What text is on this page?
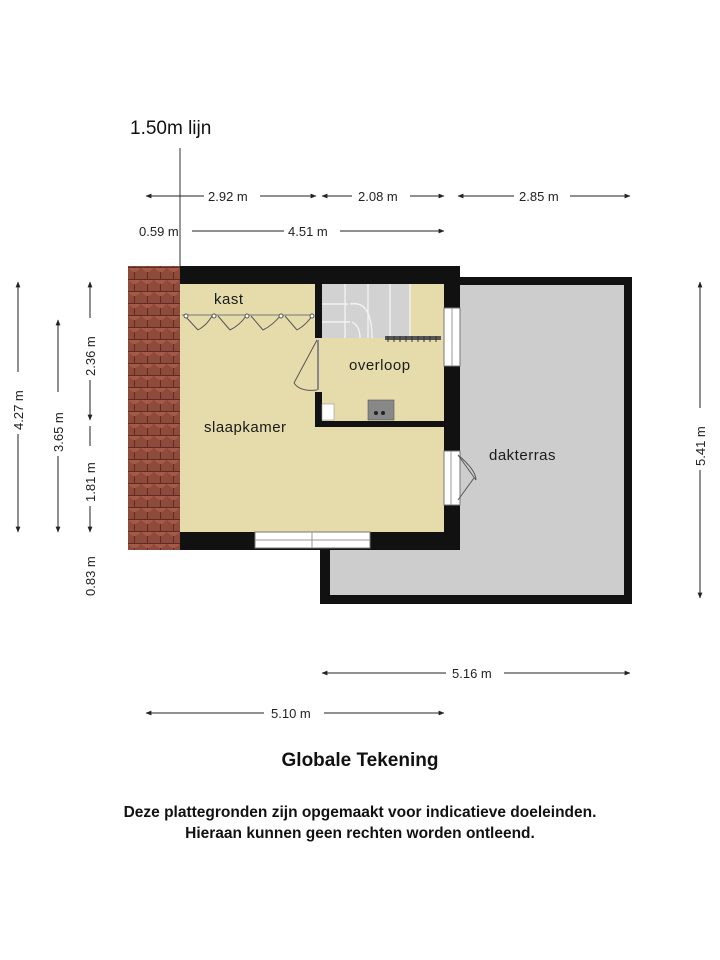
1.50m lijn
kast
overloop
slaapkamer
dakterras
2.92 m	2.08 m	2.85 m
0.59 m	4.51 m
4.27 m
3.65 m
2.36 m
1.81 m
0.83 m
5.41 m
5.16 m
5.10 m
Globale Tekening
Deze plattegronden zijn opgemaakt voor indicatieve doeleinden.
Hieraan kunnen geen rechten worden ontleend.
